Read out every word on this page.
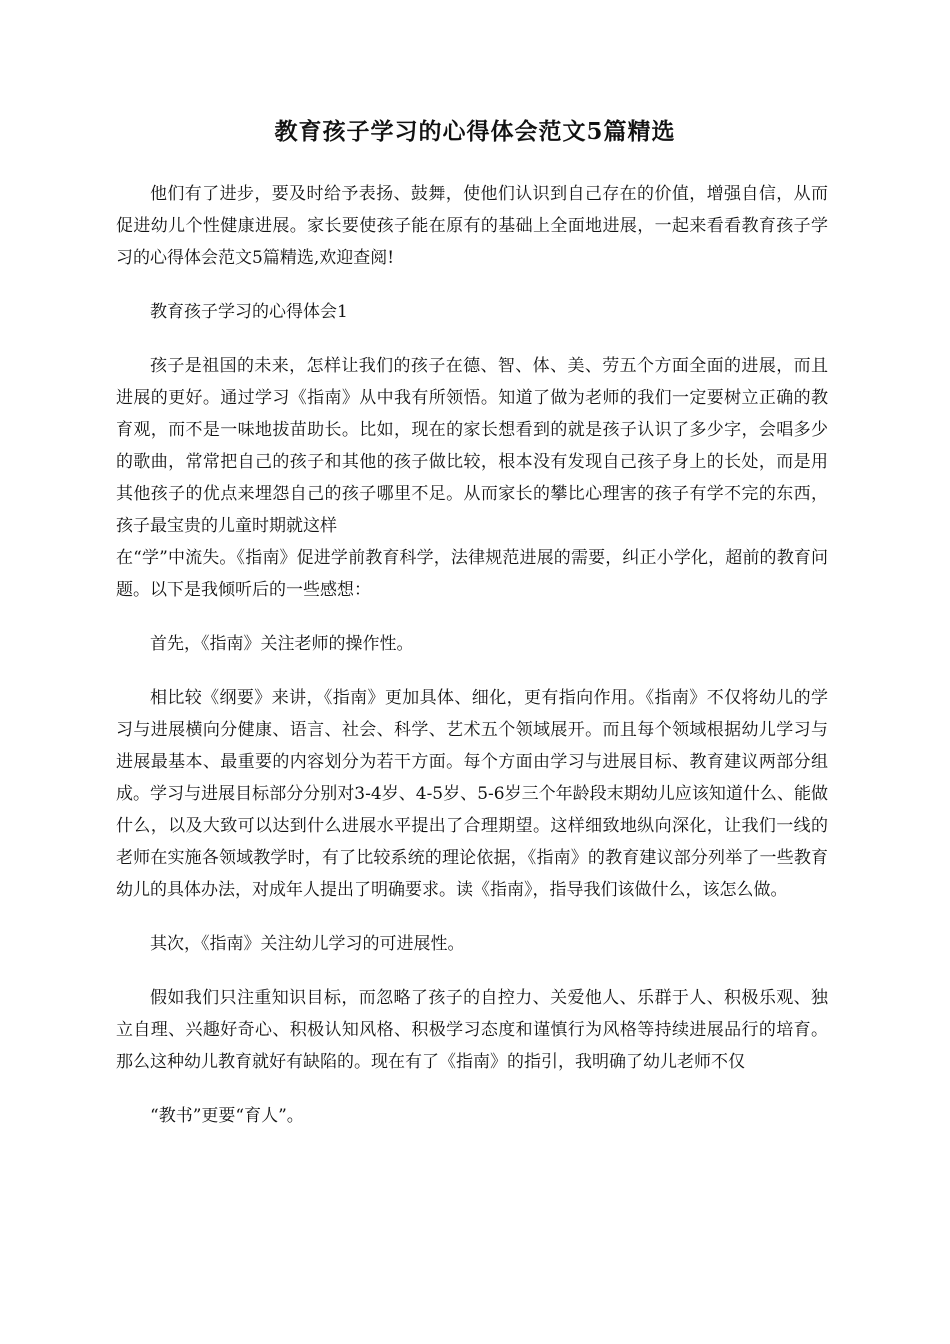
教育孩子学习的心得体会范文5篇精选

他们有了进步，要及时给予表扬、鼓舞，使他们认识到自己存在的价值，增强自信，从而促进幼儿个性健康进展。家长要使孩子能在原有的基础上全面地进展，一起来看看教育孩子学习的心得体会范文5篇精选,欢迎查阅!

教育孩子学习的心得体会1

孩子是祖国的未来，怎样让我们的孩子在德、智、体、美、劳五个方面全面的进展，而且进展的更好。通过学习《指南》从中我有所领悟。知道了做为老师的我们一定要树立正确的教育观，而不是一味地拔苗助长。比如，现在的家长想看到的就是孩子认识了多少字，会唱多少的歌曲，常常把自己的孩子和其他的孩子做比较，根本没有发现自己孩子身上的长处，而是用其他孩子的优点来埋怨自己的孩子哪里不足。从而家长的攀比心理害的孩子有学不完的东西，孩子最宝贵的儿童时期就这样

在“学”中流失。《指南》促进学前教育科学，法律规范进展的需要，纠正小学化，超前的教育问题。以下是我倾听后的一些感想：

首先，《指南》关注老师的操作性。

相比较《纲要》来讲，《指南》更加具体、细化，更有指向作用。《指南》不仅将幼儿的学习与进展横向分健康、语言、社会、科学、艺术五个领域展开。而且每个领域根据幼儿学习与进展最基本、最重要的内容划分为若干方面。每个方面由学习与进展目标、教育建议两部分组成。学习与进展目标部分分别对3-4岁、4-5岁、5-6岁三个年龄段末期幼儿应该知道什么、能做什么，以及大致可以达到什么进展水平提出了合理期望。这样细致地纵向深化，让我们一线的老师在实施各领域教学时，有了比较系统的理论依据，《指南》的教育建议部分列举了一些教育幼儿的具体办法，对成年人提出了明确要求。读《指南》，指导我们该做什么，该怎么做。

其次，《指南》关注幼儿学习的可进展性。

假如我们只注重知识目标，而忽略了孩子的自控力、关爱他人、乐群于人、积极乐观、独立自理、兴趣好奇心、积极认知风格、积极学习态度和谨慎行为风格等持续进展品行的培育。那么这种幼儿教育就好有缺陷的。现在有了《指南》的指引，我明确了幼儿老师不仅

“教书”更要“育人”。
